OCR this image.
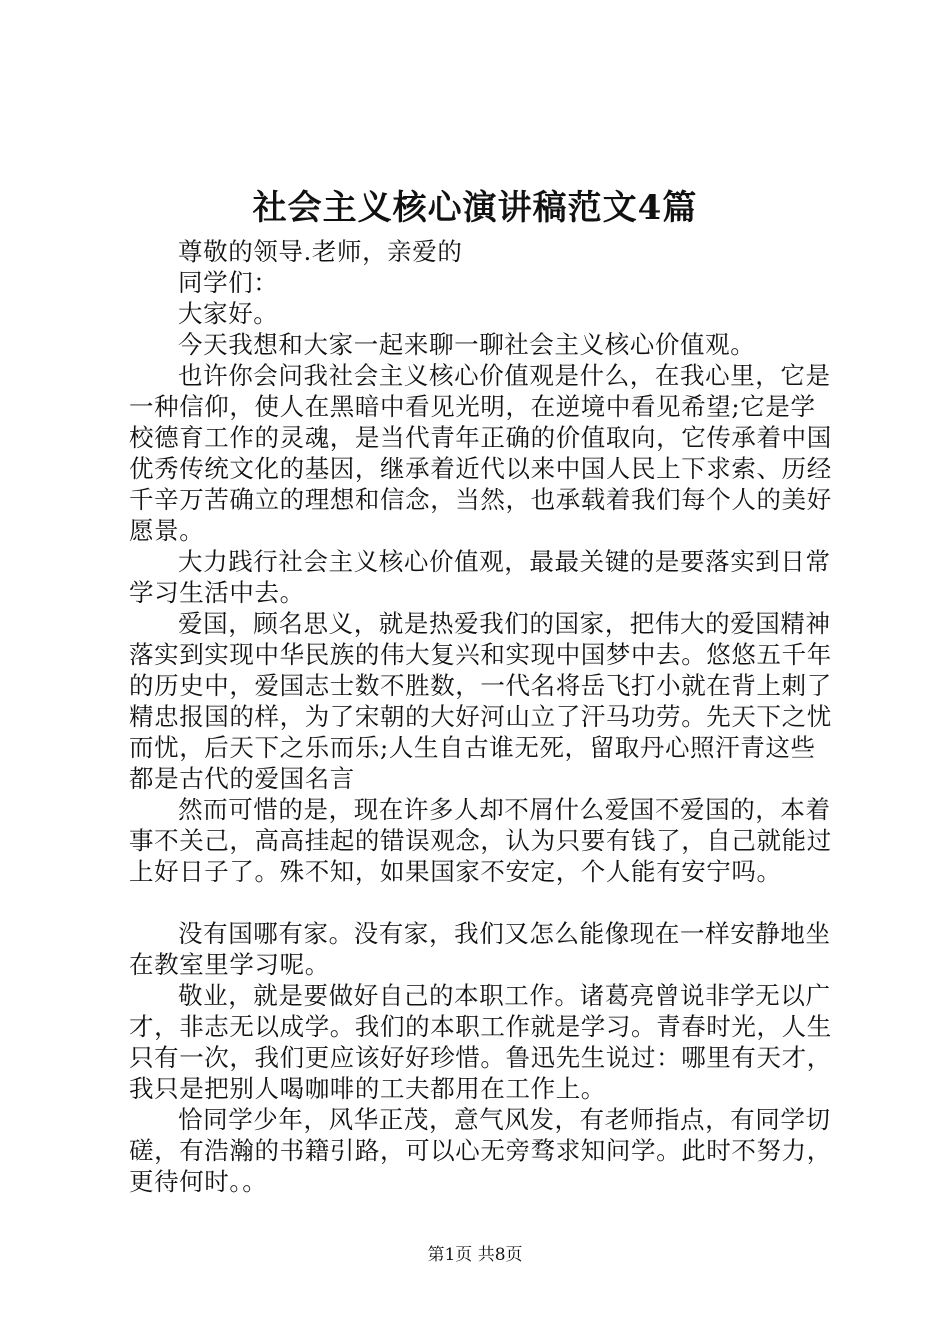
社会主义核心演讲稿范文4篇

尊敬的领导.老师，亲爱的

同学们：

大家好。

今天我想和大家一起来聊一聊社会主义核心价值观。

也许你会问我社会主义核心价值观是什么，在我心里，它是一种信仰，使人在黑暗中看见光明，在逆境中看见希望;它是学校德育工作的灵魂，是当代青年正确的价值取向，它传承着中国优秀传统文化的基因，继承着近代以来中国人民上下求索、历经千辛万苦确立的理想和信念，当然，也承载着我们每个人的美好愿景。

大力践行社会主义核心价值观，最最关键的是要落实到日常学习生活中去。

爱国，顾名思义，就是热爱我们的国家，把伟大的爱国精神落实到实现中华民族的伟大复兴和实现中国梦中去。悠悠五千年的历史中，爱国志士数不胜数，一代名将岳飞打小就在背上刺了精忠报国的样，为了宋朝的大好河山立了汗马功劳。先天下之忧而忧，后天下之乐而乐;人生自古谁无死，留取丹心照汗青这些都是古代的爱国名言

然而可惜的是，现在许多人却不屑什么爱国不爱国的，本着事不关己，高高挂起的错误观念，认为只要有钱了，自己就能过上好日子了。殊不知，如果国家不安定，个人能有安宁吗。

没有国哪有家。没有家，我们又怎么能像现在一样安静地坐在教室里学习呢。

敬业，就是要做好自己的本职工作。诸葛亮曾说非学无以广才，非志无以成学。我们的本职工作就是学习。青春时光，人生只有一次，我们更应该好好珍惜。鲁迅先生说过：哪里有天才，我只是把别人喝咖啡的工夫都用在工作上。

恰同学少年，风华正茂，意气风发，有老师指点，有同学切磋，有浩瀚的书籍引路，可以心无旁骛求知问学。此时不努力，更待何时。。

第1页 共8页
